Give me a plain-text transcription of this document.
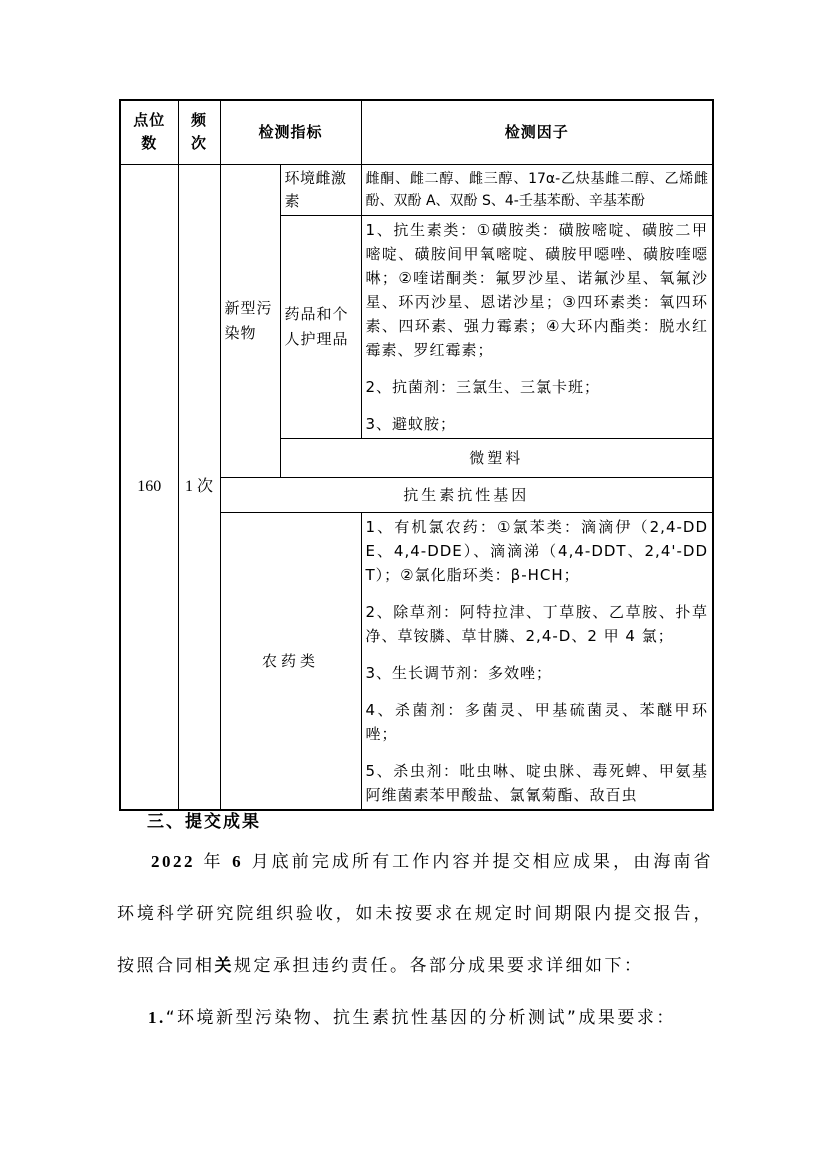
点位数	频次	检测指标		检测因子
160	1 次	新型污染物	环境雌激素	雌酮、雌二醇、雌三醇、17α-乙炔基雌二醇、乙烯雌酚、双酚 A、双酚 S、4-壬基苯酚、辛基苯酚

			药品和个人护理品	1、抗生素类：①磺胺类：磺胺嘧啶、磺胺二甲嘧啶、磺胺间甲氧嘧啶、磺胺甲噁唑、磺胺喹噁啉；②喹诺酮类：氟罗沙星、诺氟沙星、氧氟沙星、环丙沙星、恩诺沙星；③四环素类：氧四环素、四环素、强力霉素；④大环内酯类：脱水红霉素、罗红霉素；

2、抗菌剂：三氯生、三氯卡班；

3、避蚊胺；

			微塑料	
		抗生素抗性基因		
		农药类		1、有机氯农药：①氯苯类：滴滴伊（2,4-DDE、4,4-DDE）、滴滴涕（4,4-DDT、2,4'-DDT）；②氯化脂环类：β-HCH；

2、除草剂：阿特拉津、丁草胺、乙草胺、扑草净、草铵膦、草甘膦、2,4-D、2 甲 4 氯；

3、生长调节剂：多效唑；

4、杀菌剂：多菌灵、甲基硫菌灵、苯醚甲环唑；

5、杀虫剂：吡虫啉、啶虫脒、毒死蜱、甲氨基阿维菌素苯甲酸盐、氯氰菊酯、敌百虫

三、提交成果

2022 年 6 月底前完成所有工作内容并提交相应成果，由海南省环境科学研究院组织验收，如未按要求在规定时间期限内提交报告，按照合同相关规定承担违约责任。各部分成果要求详细如下：

1.“环境新型污染物、抗生素抗性基因的分析测试”成果要求：
